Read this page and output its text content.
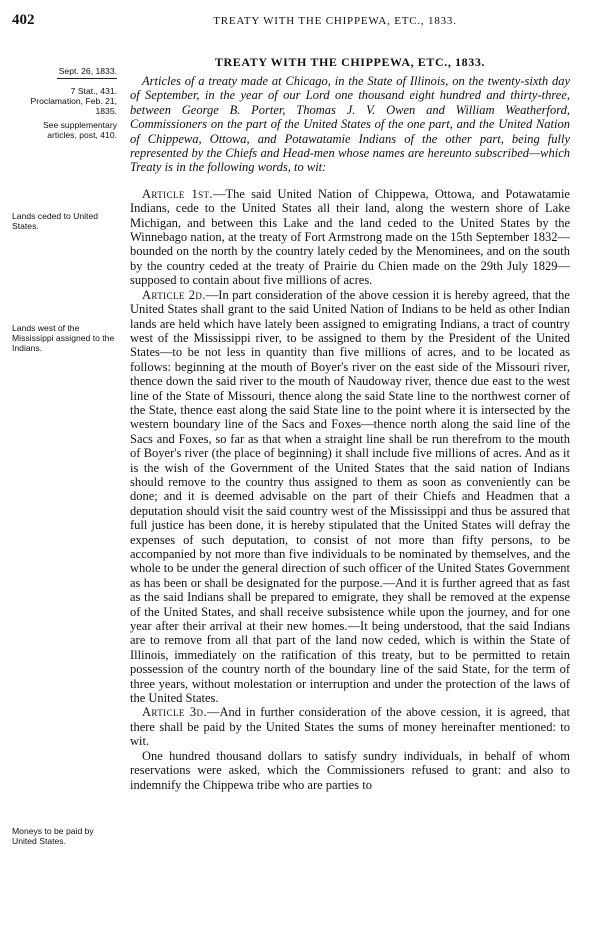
402	TREATY WITH THE CHIPPEWA, ETC., 1833.
TREATY WITH THE CHIPPEWA, ETC., 1833.
Sept. 26, 1833.
7 Stat., 431.
Proclamation, Feb. 21, 1835.
See supplementary articles, post, 410.
Lands ceded to United States.
Lands west of the Mississippi assigned to the Indians.
Moneys to be paid by United States.

Articles of a treaty made at Chicago, in the State of Illinois, on the twenty-sixth day of September, in the year of our Lord one thousand eight hundred and thirty-three, between George B. Porter, Thomas J. V. Owen and William Weatherford, Commissioners on the part of the United States of the one part, and the United Nation of Chippewa, Ottowa, and Potawatamie Indians of the other part, being fully represented by the Chiefs and Head-men whose names are hereunto subscribed—which Treaty is in the following words, to wit:

Article 1st.—The said United Nation of Chippewa, Ottowa, and Potawatamie Indians, cede to the United States all their land, along the western shore of Lake Michigan, and between this Lake and the land ceded to the United States by the Winnebago nation, at the treaty of Fort Armstrong made on the 15th September 1832—bounded on the north by the country lately ceded by the Menominees, and on the south by the country ceded at the treaty of Prairie du Chien made on the 29th July 1829—supposed to contain about five millions of acres.

Article 2d.—In part consideration of the above cession it is hereby agreed, that the United States shall grant to the said United Nation of Indians to be held as other Indian lands are held which have lately been assigned to emigrating Indians, a tract of country west of the Mississippi river, to be assigned to them by the President of the United States—to be not less in quantity than five millions of acres, and to be located as follows: beginning at the mouth of Boyer's river on the east side of the Missouri river, thence down the said river to the mouth of Naudoway river, thence due east to the west line of the State of Missouri, thence along the said State line to the northwest corner of the State, thence east along the said State line to the point where it is intersected by the western boundary line of the Sacs and Foxes—thence north along the said line of the Sacs and Foxes, so far as that when a straight line shall be run therefrom to the mouth of Boyer's river (the place of beginning) it shall include five millions of acres. And as it is the wish of the Government of the United States that the said nation of Indians should remove to the country thus assigned to them as soon as conveniently can be done; and it is deemed advisable on the part of their Chiefs and Headmen that a deputation should visit the said country west of the Mississippi and thus be assured that full justice has been done, it is hereby stipulated that the United States will defray the expenses of such deputation, to consist of not more than fifty persons, to be accompanied by not more than five individuals to be nominated by themselves, and the whole to be under the general direction of such officer of the United States Government as has been or shall be designated for the purpose.—And it is further agreed that as fast as the said Indians shall be prepared to emigrate, they shall be removed at the expense of the United States, and shall receive subsistence while upon the journey, and for one year after their arrival at their new homes.—It being understood, that the said Indians are to remove from all that part of the land now ceded, which is within the State of Illinois, immediately on the ratification of this treaty, but to be permitted to retain possession of the country north of the boundary line of the said State, for the term of three years, without molestation or interruption and under the protection of the laws of the United States.

Article 3d.—And in further consideration of the above cession, it is agreed, that there shall be paid by the United States the sums of money hereinafter mentioned: to wit.

One hundred thousand dollars to satisfy sundry individuals, in behalf of whom reservations were asked, which the Commissioners refused to grant: and also to indemnify the Chippewa tribe who are parties to
